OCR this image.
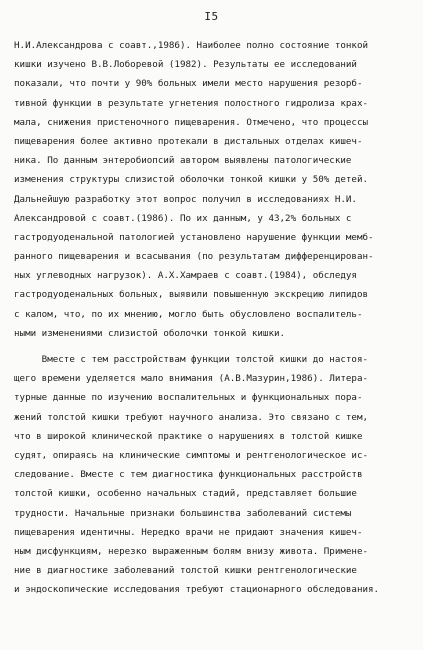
I5
Н.И.Александрова с соавт.,1986). Наиболее полно состояние тонкой
кишки изучено В.В.Лоборевой (1982). Результаты ее исследований
показали, что почти у 90% больных имели место нарушения резорб-
тивной функции в результате угнетения полостного гидролиза крах-
мала, снижения пристеночного пищеварения. Отмечено, что процессы
пищеварения более активно протекали в дистальных отделах кишеч-
ника. По данным энтеробиопсий автором выявлены патологические
изменения структуры слизистой оболочки тонкой кишки у 50% детей.
Дальнейшую разработку этот вопрос получил в исследованиях Н.И.
Александровой с соавт.(1986). По их данным, у 43,2% больных с
гастродуоденальной патологией установлено нарушение функции мемб-
ранного пищеварения и всасывания (по результатам дифференцирован-
ных углеводных нагрузок). А.Х.Хамраев с соавт.(1984), обследуя
гастродуоденальных больных, выявили повышенную экскрецию липидов
с калом, что, по их мнению, могло быть обусловлено воспалитель-
ными изменениями слизистой оболочки тонкой кишки.
Вместе с тем расстройствам функции толстой кишки до настоя-
щего времени уделяется мало внимания (А.В.Мазурин,1986). Литера-
турные данные по изучению воспалительных и функциональных пора-
жений толстой кишки требуют научного анализа. Это связано с тем,
что в широкой клинической практике о нарушениях в толстой кишке
судят, опираясь на клинические симптомы и рентгенологическое ис-
следование. Вместе с тем диагностика функциональных расстройств
толстой кишки, особенно начальных стадий, представляет большие
трудности. Начальные признаки большинства заболеваний системы
пищеварения идентичны. Нередко врачи не придают значения кишеч-
ным дисфункциям, нерезко выраженным болям внизу живота. Примене-
ние в диагностике заболеваний толстой кишки рентгенологические
и эндоскопические исследования требуют стационарного обследования.
